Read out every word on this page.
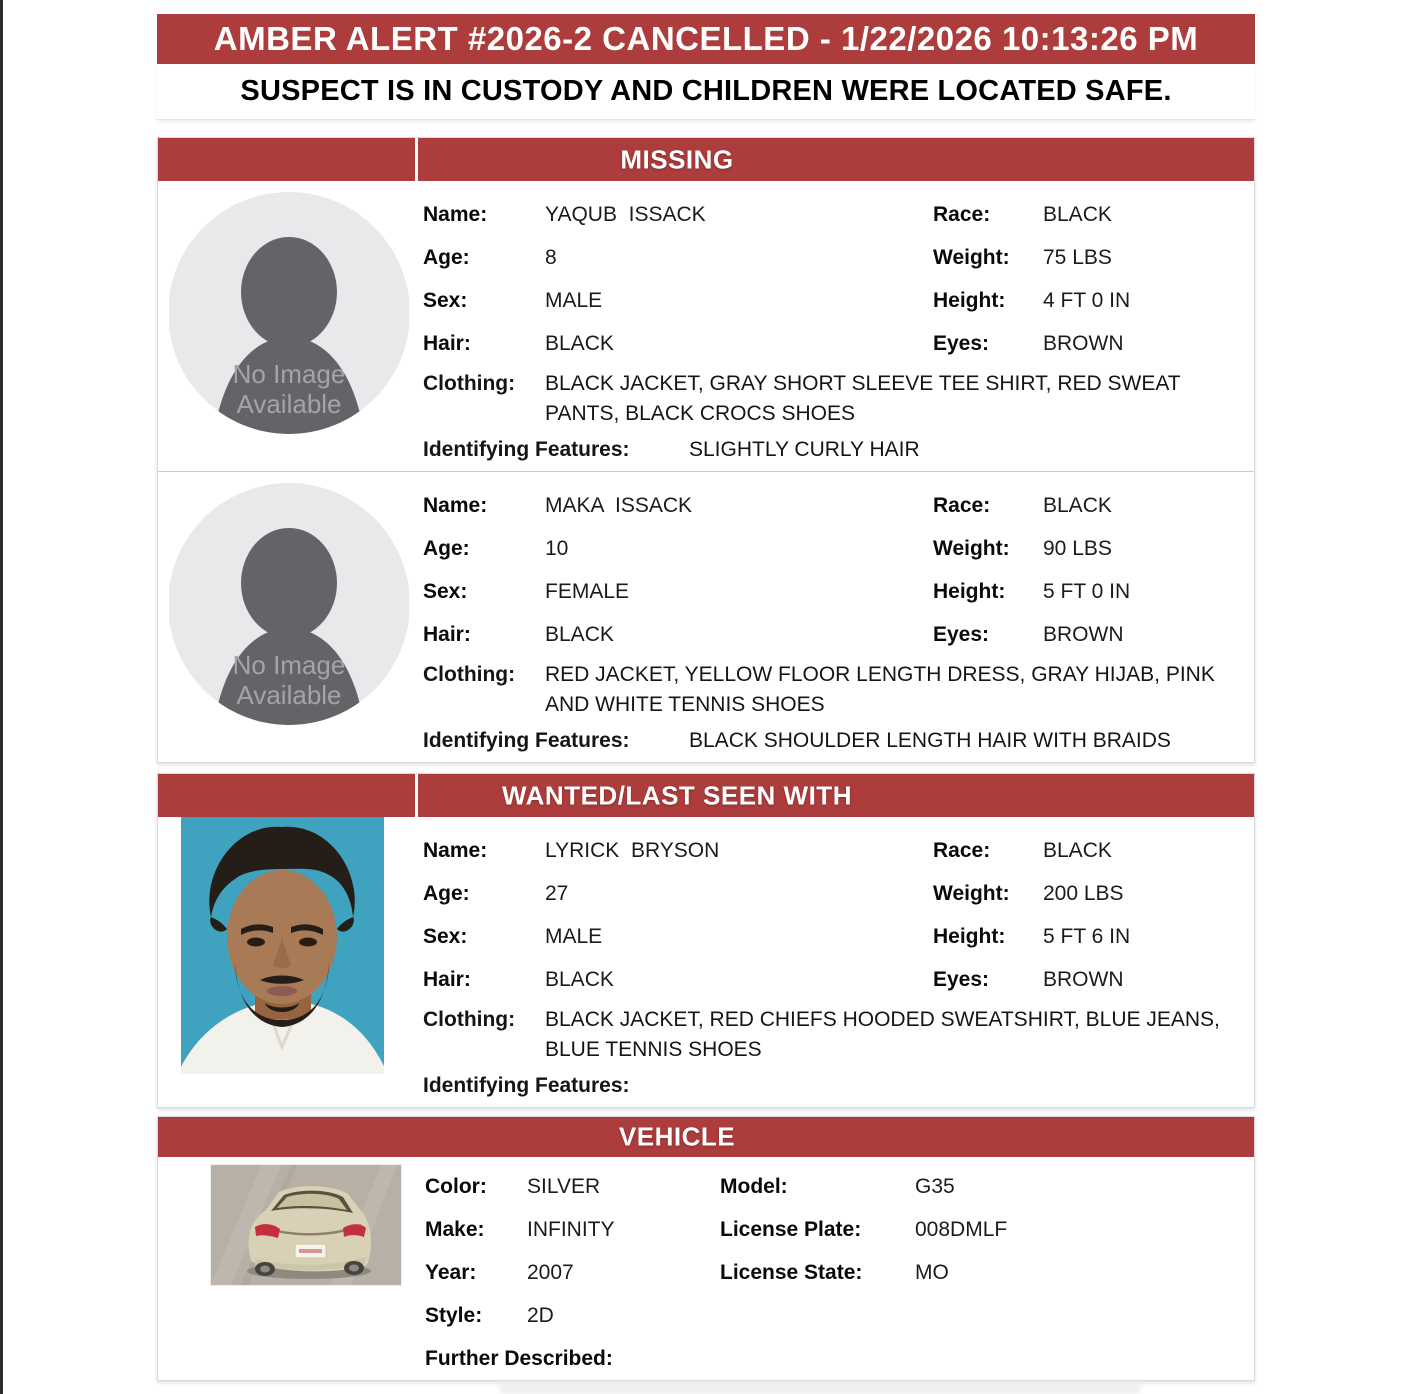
AMBER ALERT #2026-2 CANCELLED - 1/22/2026 10:13:26 PM
SUSPECT IS IN CUSTODY AND CHILDREN WERE LOCATED SAFE.
MISSING
No Image
Available
Name:	YAQUB  ISSACK	Race:	BLACK
Age:	8	Weight:	75 LBS
Sex:	MALE	Height:	4 FT 0 IN
Hair:	BLACK	Eyes:	BROWN
Clothing:	BLACK JACKET, GRAY SHORT SLEEVE TEE SHIRT, RED SWEAT PANTS, BLACK CROCS SHOES
Identifying Features:	SLIGHTLY CURLY HAIR
No Image
Available
Name:	MAKA  ISSACK	Race:	BLACK
Age:	10	Weight:	90 LBS
Sex:	FEMALE	Height:	5 FT 0 IN
Hair:	BLACK	Eyes:	BROWN
Clothing:	RED JACKET, YELLOW FLOOR LENGTH DRESS, GRAY HIJAB, PINK AND WHITE TENNIS SHOES
Identifying Features:	BLACK SHOULDER LENGTH HAIR WITH BRAIDS
WANTED/LAST SEEN WITH
Name:	LYRICK  BRYSON	Race:	BLACK
Age:	27	Weight:	200 LBS
Sex:	MALE	Height:	5 FT 6 IN
Hair:	BLACK	Eyes:	BROWN
Clothing:	BLACK JACKET, RED CHIEFS HOODED SWEATSHIRT, BLUE JEANS, BLUE TENNIS SHOES
Identifying Features:
VEHICLE
Color:	SILVER	Model:	G35
Make:	INFINITY	License Plate:	008DMLF
Year:	2007	License State:	MO
Style:	2D
Further Described:
